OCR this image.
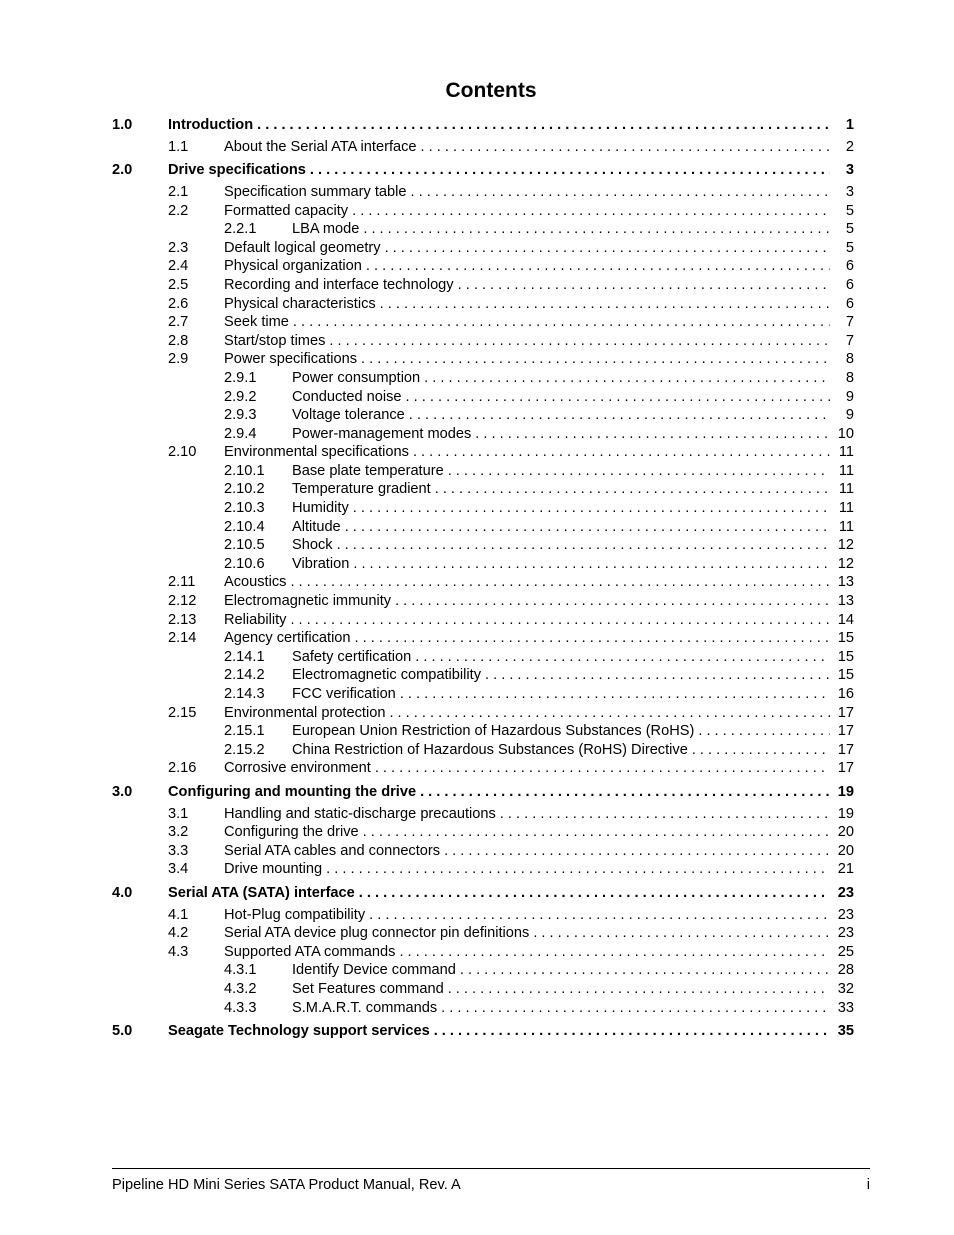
Contents
1.0	Introduction . . .	1
1.1	About the Serial ATA interface . . .	2
2.0	Drive specifications . . .	3
2.1	Specification summary table . . .	3
2.2	Formatted capacity . . .	5
2.2.1	LBA mode . . .	5
2.3	Default logical geometry . . .	5
2.4	Physical organization . . .	6
2.5	Recording and interface technology . . .	6
2.6	Physical characteristics . . .	6
2.7	Seek time . . .	7
2.8	Start/stop times . . .	7
2.9	Power specifications . . .	8
2.9.1	Power consumption . . .	8
2.9.2	Conducted noise . . .	9
2.9.3	Voltage tolerance . . .	9
2.9.4	Power-management modes . . .	10
2.10	Environmental specifications . . .	11
2.10.1	Base plate temperature . . .	11
2.10.2	Temperature gradient . . .	11
2.10.3	Humidity . . .	11
2.10.4	Altitude . . .	11
2.10.5	Shock . . .	12
2.10.6	Vibration . . .	12
2.11	Acoustics . . .	13
2.12	Electromagnetic immunity . . .	13
2.13	Reliability . . .	14
2.14	Agency certification . . .	15
2.14.1	Safety certification . . .	15
2.14.2	Electromagnetic compatibility . . .	15
2.14.3	FCC verification . . .	16
2.15	Environmental protection . . .	17
2.15.1	European Union Restriction of Hazardous Substances (RoHS) . . .	17
2.15.2	China Restriction of Hazardous Substances (RoHS) Directive . . .	17
2.16	Corrosive environment . . .	17
3.0	Configuring and mounting the drive . . .	19
3.1	Handling and static-discharge precautions . . .	19
3.2	Configuring the drive . . .	20
3.3	Serial ATA cables and connectors . . .	20
3.4	Drive mounting . . .	21
4.0	Serial ATA (SATA) interface . . .	23
4.1	Hot-Plug compatibility . . .	23
4.2	Serial ATA device plug connector pin definitions . . .	23
4.3	Supported ATA commands . . .	25
4.3.1	Identify Device command . . .	28
4.3.2	Set Features command . . .	32
4.3.3	S.M.A.R.T. commands . . .	33
5.0	Seagate Technology support services . . .	35
Pipeline HD Mini Series SATA Product Manual, Rev. A	i
